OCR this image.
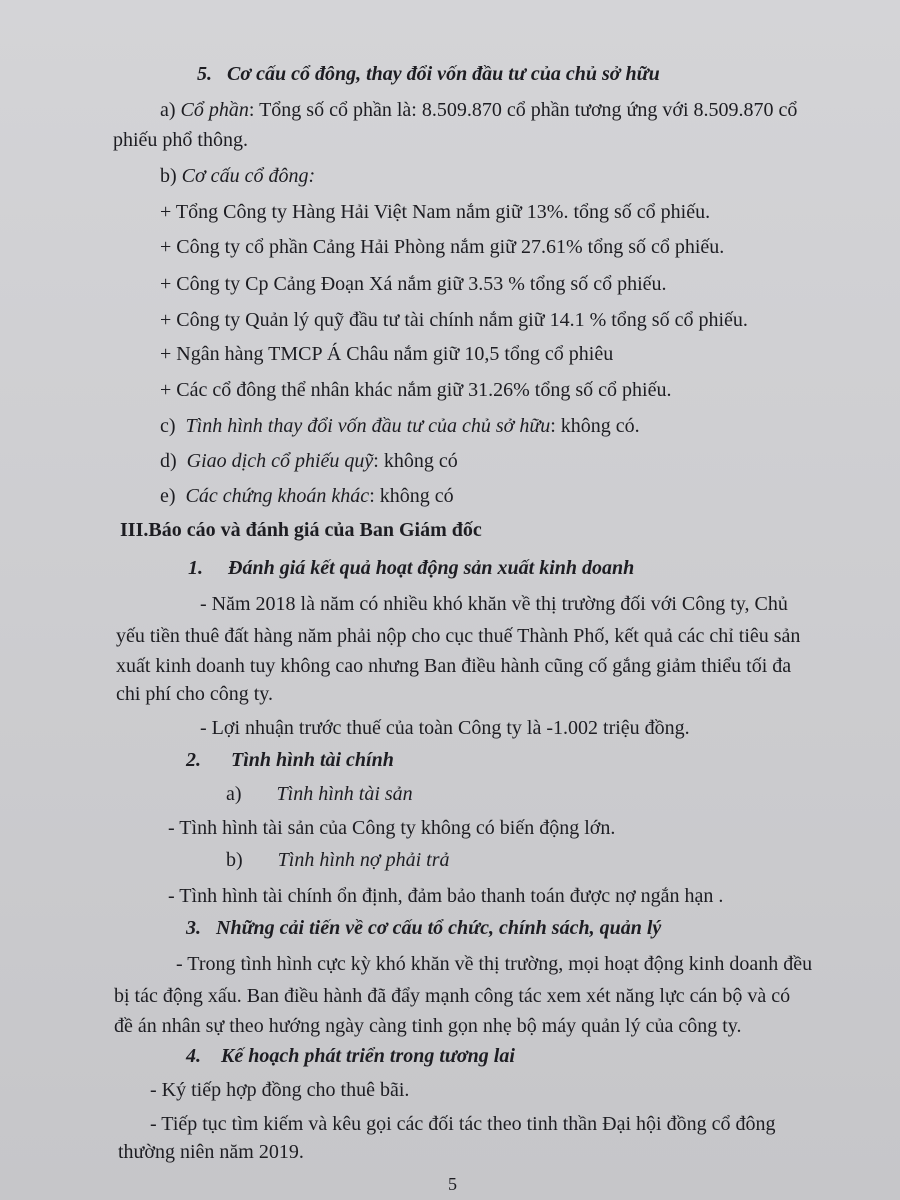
5. Cơ cấu cổ đông, thay đổi vốn đầu tư của chủ sở hữu
a) Cổ phần: Tổng số cổ phần là: 8.509.870 cổ phần tương ứng với 8.509.870 cổ
phiếu phổ thông.
b) Cơ cấu cổ đông:
+ Tổng Công ty Hàng Hải Việt Nam nắm giữ 13%. tổng số cổ phiếu.
+ Công ty cổ phần Cảng Hải Phòng nắm giữ 27.61% tổng số cổ phiếu.
+ Công ty Cp Cảng Đoạn Xá nắm giữ 3.53 % tổng số cổ phiếu.
+ Công ty Quản lý quỹ đầu tư tài chính nắm giữ 14.1 % tổng số cổ phiếu.
+ Ngân hàng TMCP Á Châu nắm giữ 10,5 tổng cổ phiêu
+ Các cổ đông thể nhân khác nắm giữ 31.26% tổng số cổ phiếu.
c) Tình hình thay đổi vốn đầu tư của chủ sở hữu: không có.
d) Giao dịch cổ phiếu quỹ: không có
e) Các chứng khoán khác: không có
III.Báo cáo và đánh giá của Ban Giám đốc
1. Đánh giá kết quả hoạt động sản xuất kinh doanh
- Năm 2018 là năm có nhiều khó khăn về thị trường đối với Công ty, Chủ
yếu tiền thuê đất hàng năm phải nộp cho cục thuế Thành Phố, kết quả các chỉ tiêu sản
xuất kinh doanh tuy không cao nhưng Ban điều hành cũng cố gắng giảm thiểu tối đa
chi phí cho công ty.
- Lợi nhuận trước thuế của toàn Công ty là -1.002 triệu đồng.
2. Tình hình tài chính
a) Tình hình tài sản
- Tình hình tài sản của Công ty không có biến động lớn.
b) Tình hình nợ phải trả
- Tình hình tài chính ổn định, đảm bảo thanh toán được nợ ngắn hạn .
3. Những cải tiến về cơ cấu tổ chức, chính sách, quản lý
- Trong tình hình cực kỳ khó khăn về thị trường, mọi hoạt động kinh doanh đều
bị tác động xấu. Ban điều hành đã đẩy mạnh công tác xem xét năng lực cán bộ và có
đề án nhân sự theo hướng ngày càng tinh gọn nhẹ bộ máy quản lý của công ty.
4. Kế hoạch phát triển trong tương lai
- Ký tiếp hợp đồng cho thuê bãi.
- Tiếp tục tìm kiếm và kêu gọi các đối tác theo tinh thần Đại hội đồng cổ đông
thường niên năm 2019.
5
